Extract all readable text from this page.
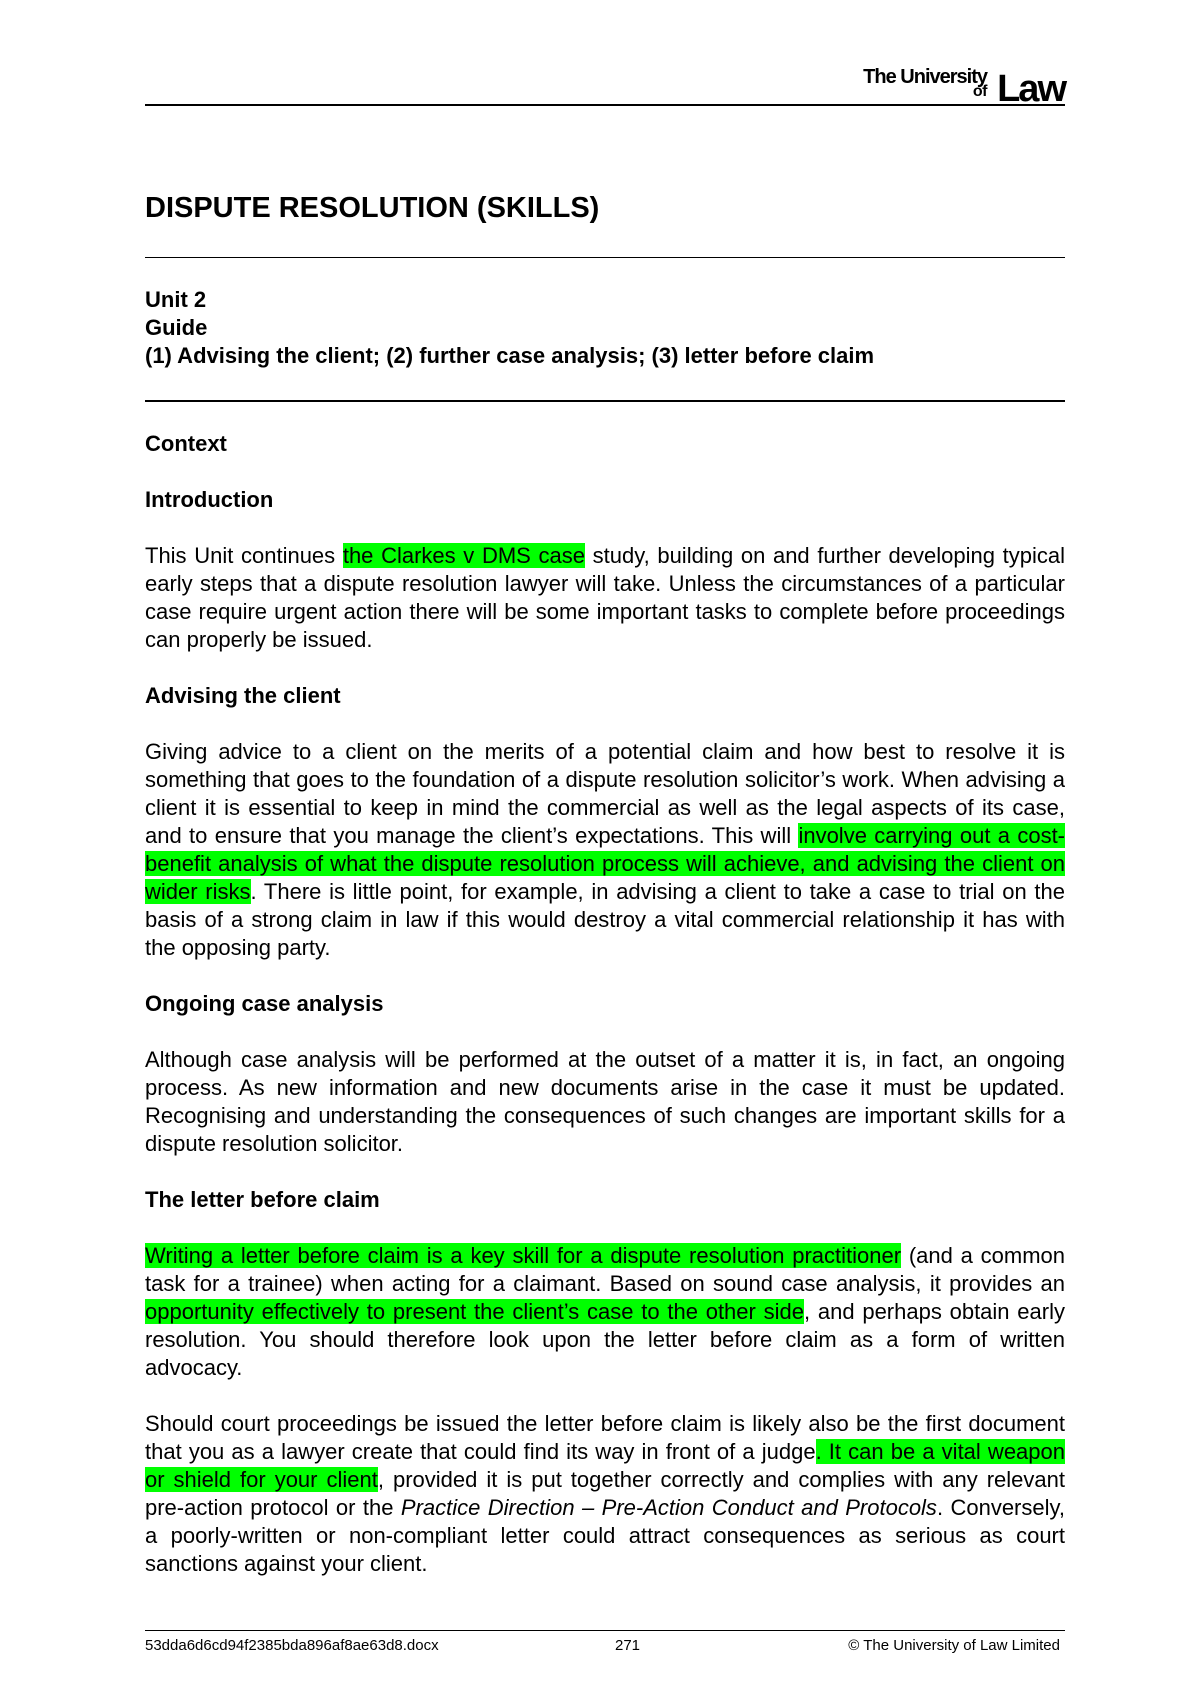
The University
of Law
DISPUTE RESOLUTION (SKILLS)
Unit 2
Guide
(1) Advising the client; (2) further case analysis; (3) letter before claim
Context
Introduction
This Unit continues the Clarkes v DMS case study, building on and further developing typical early steps that a dispute resolution lawyer will take. Unless the circumstances of a particular case require urgent action there will be some important tasks to complete before proceedings can properly be issued.
Advising the client
Giving advice to a client on the merits of a potential claim and how best to resolve it is something that goes to the foundation of a dispute resolution solicitor’s work. When advising a client it is essential to keep in mind the commercial as well as the legal aspects of its case, and to ensure that you manage the client’s expectations. This will involve carrying out a cost-benefit analysis of what the dispute resolution process will achieve, and advising the client on wider risks. There is little point, for example, in advising a client to take a case to trial on the basis of a strong claim in law if this would destroy a vital commercial relationship it has with the opposing party.
Ongoing case analysis
Although case analysis will be performed at the outset of a matter it is, in fact, an ongoing process. As new information and new documents arise in the case it must be updated. Recognising and understanding the consequences of such changes are important skills for a dispute resolution solicitor.
The letter before claim
Writing a letter before claim is a key skill for a dispute resolution practitioner (and a common task for a trainee) when acting for a claimant. Based on sound case analysis, it provides an opportunity effectively to present the client’s case to the other side, and perhaps obtain early resolution. You should therefore look upon the letter before claim as a form of written advocacy.
Should court proceedings be issued the letter before claim is likely also be the first document that you as a lawyer create that could find its way in front of a judge. It can be a vital weapon or shield for your client, provided it is put together correctly and complies with any relevant pre-action protocol or the Practice Direction – Pre-Action Conduct and Protocols. Conversely, a poorly-written or non-compliant letter could attract consequences as serious as court sanctions against your client.
53dda6d6cd94f2385bda896af8ae63d8.docx	271	© The University of Law Limited
